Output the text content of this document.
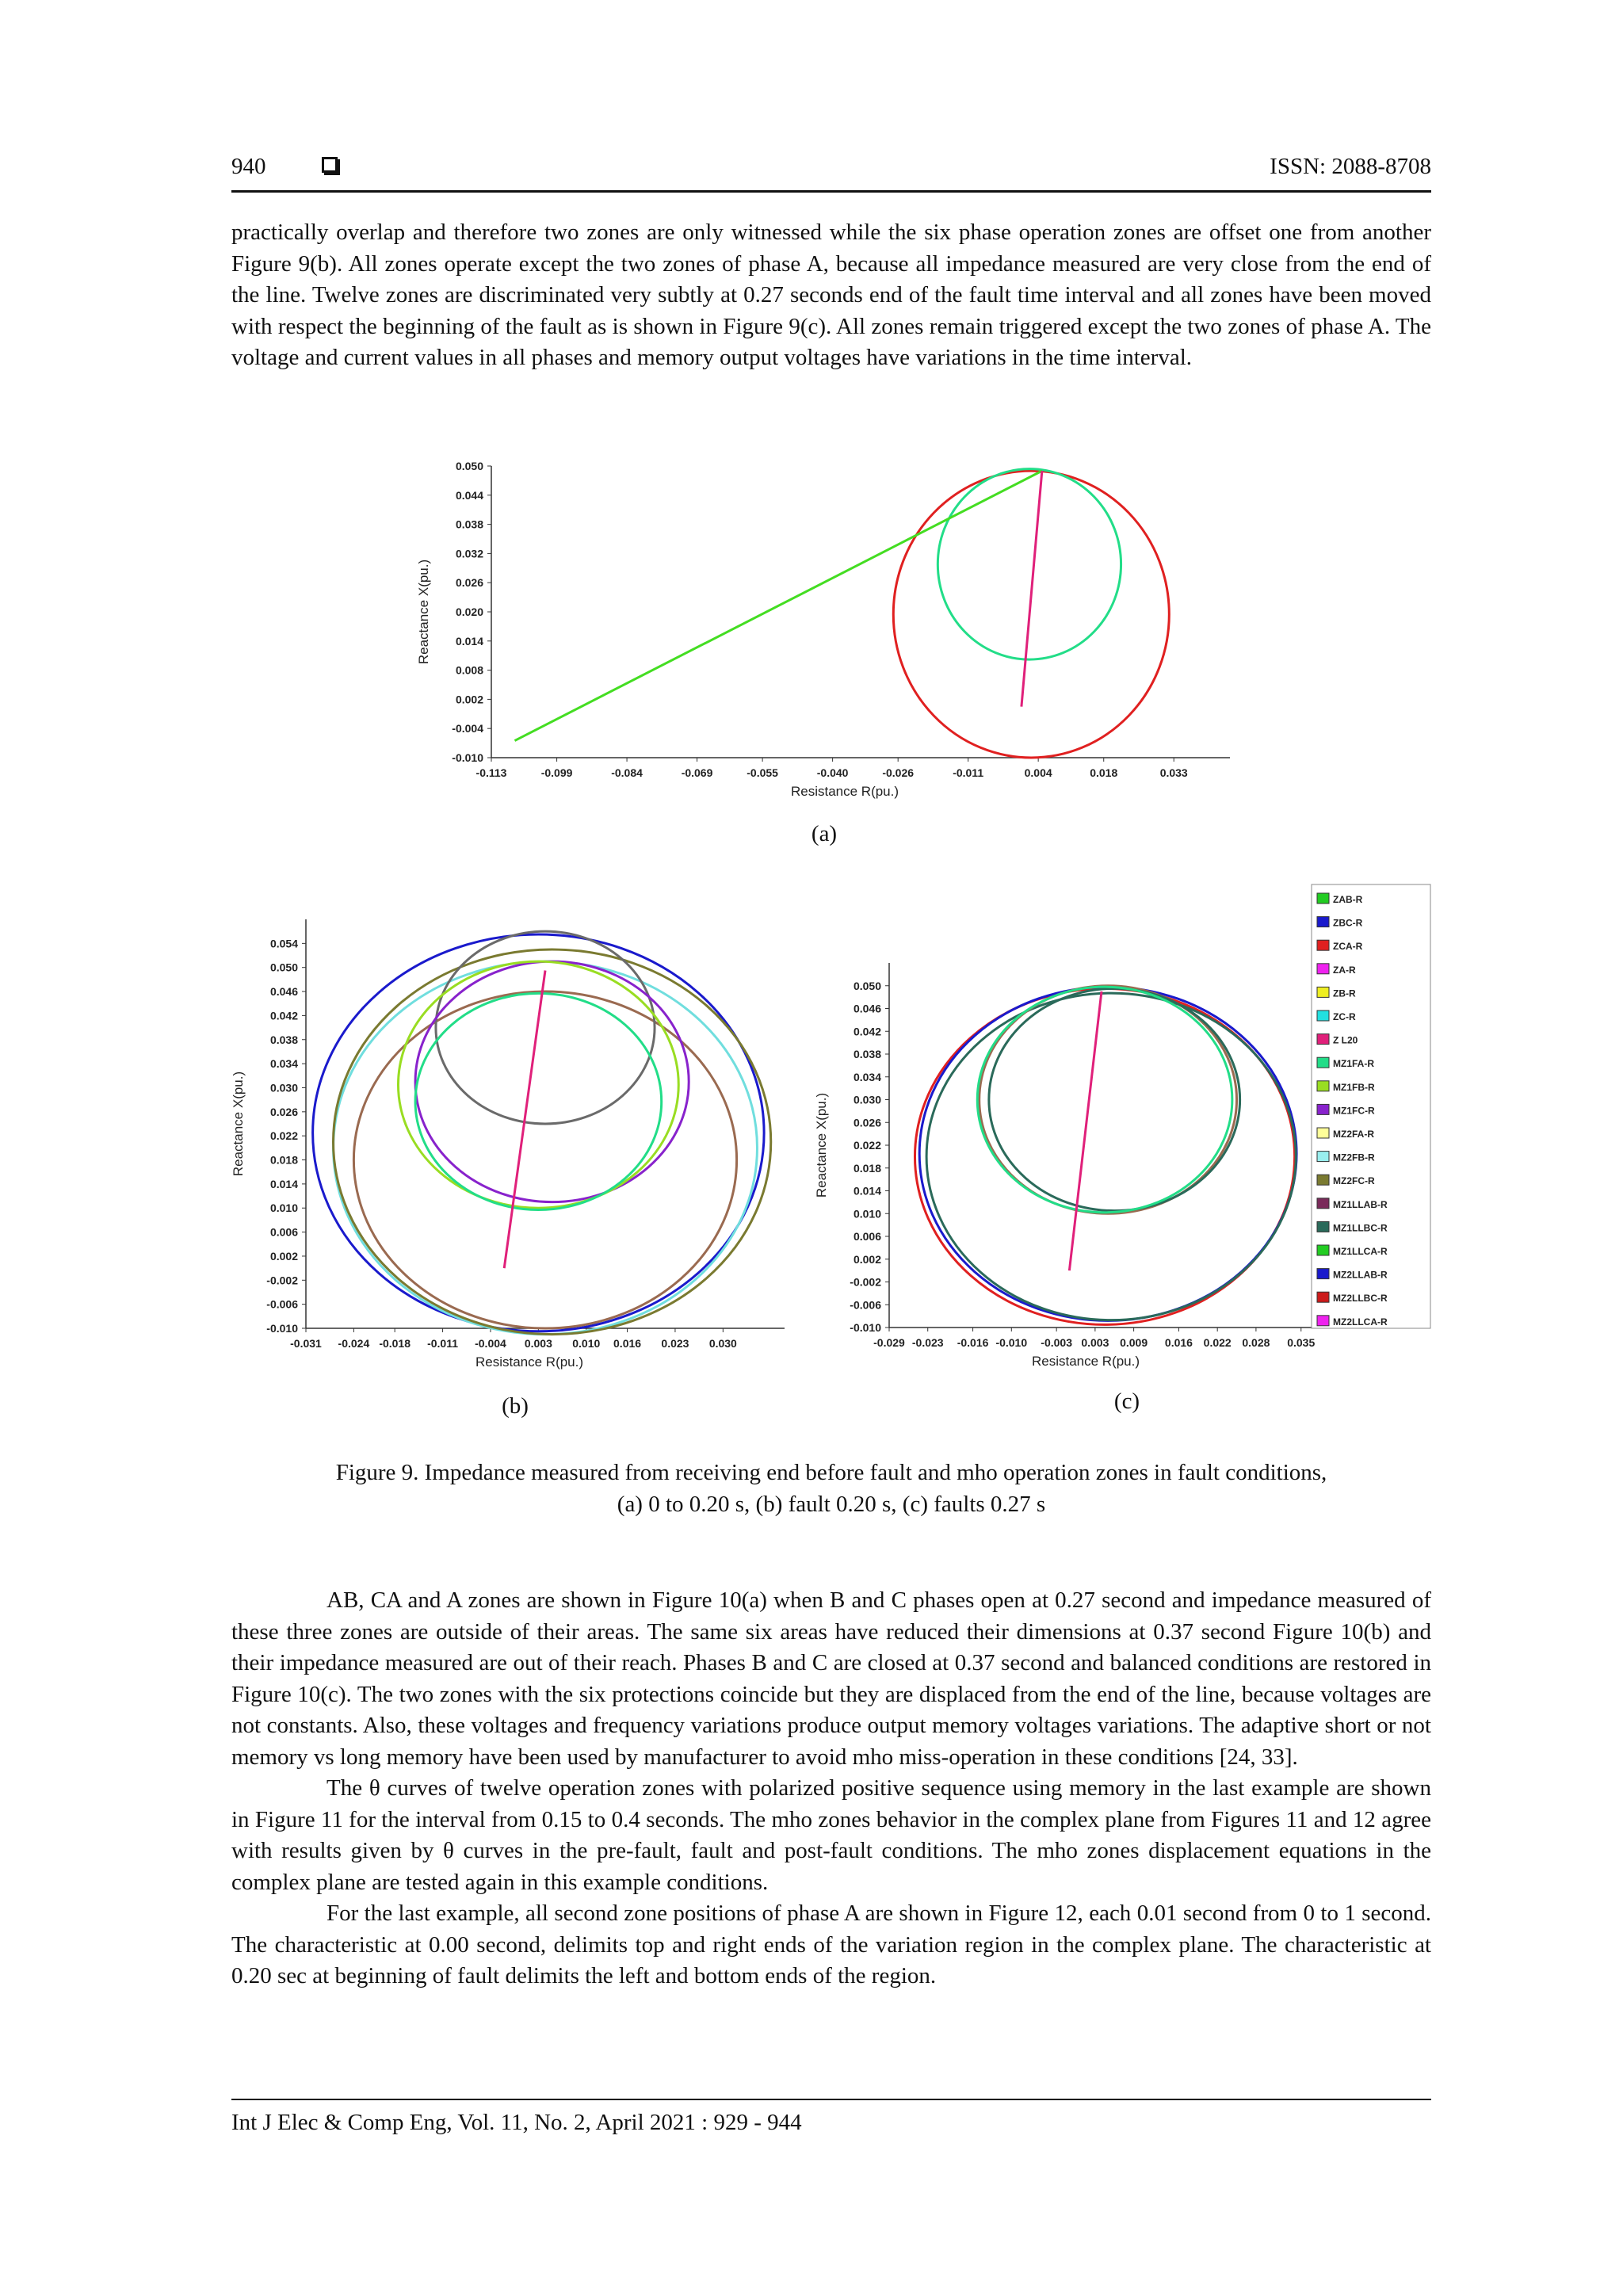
940	ISSN: 2088-8708

practically overlap and therefore two zones are only witnessed while the six phase operation zones are offset one from another Figure 9(b). All zones operate except the two zones of phase A, because all impedance measured are very close from the end of the line. Twelve zones are discriminated very subtly at 0.27 seconds end of the fault time interval and all zones have been moved with respect the beginning of the fault as is shown in Figure 9(c). All zones remain triggered except the two zones of phase A. The voltage and current values in all phases and memory output voltages have variations in the time interval.

0.050
0.044
0.038
0.032
0.026
0.020
0.014
0.008
0.002
-0.004
-0.010
-0.113	-0.099	-0.084	-0.069	-0.055	-0.040	-0.026	-0.011	0.004	0.018	0.033
Resistance R(pu.)
Reactance X(pu.)
(a)
0.054
0.050
0.046
0.042
0.038
0.034
0.030
0.026
0.022
0.018
0.014
0.010
0.006
0.002
-0.002
-0.006
-0.010
-0.031 -0.024 -0.018 -0.011 -0.004 0.003 0.010 0.016 0.023 0.030
Resistance R(pu.)
Reactance X(pu.)
(b)
0.050
0.046
0.042
0.038
0.034
0.030
0.026
0.022
0.018
0.014
0.010
0.006
0.002
-0.002
-0.006
-0.010
-0.029 -0.023 -0.016 -0.010 -0.003 0.003 0.009 0.016 0.022 0.028 0.035
Resistance R(pu.)
Reactance X(pu.)
ZAB-R
ZBC-R
ZCA-R
ZA-R
ZB-R
ZC-R
Z L20
MZ1FA-R
MZ1FB-R
MZ1FC-R
MZ2FA-R
MZ2FB-R
MZ2FC-R
MZ1LLAB-R
MZ1LLBC-R
MZ1LLCA-R
MZ2LLAB-R
MZ2LLBC-R
MZ2LLCA-R
(c)
Figure 9. Impedance measured from receiving end before fault and mho operation zones in fault conditions,
(a) 0 to 0.20 s, (b) fault 0.20 s, (c) faults 0.27 s

AB, CA and A zones are shown in Figure 10(a) when B and C phases open at 0.27 second and impedance measured of these three zones are outside of their areas. The same six areas have reduced their dimensions at 0.37 second Figure 10(b) and their impedance measured are out of their reach. Phases B and C are closed at 0.37 second and balanced conditions are restored in Figure 10(c). The two zones with the six protections coincide but they are displaced from the end of the line, because voltages are not constants. Also, these voltages and frequency variations produce output memory voltages variations. The adaptive short or not memory vs long memory have been used by manufacturer to avoid mho miss-operation in these conditions [24, 33].

The θ curves of twelve operation zones with polarized positive sequence using memory in the last example are shown in Figure 11 for the interval from 0.15 to 0.4 seconds. The mho zones behavior in the complex plane from Figures 11 and 12 agree with results given by θ curves in the pre-fault, fault and post-fault conditions. The mho zones displacement equations in the complex plane are tested again in this example conditions.

For the last example, all second zone positions of phase A are shown in Figure 12, each 0.01 second from 0 to 1 second. The characteristic at 0.00 second, delimits top and right ends of the variation region in the complex plane. The characteristic at 0.20 sec at beginning of fault delimits the left and bottom ends of the region.

Int J Elec & Comp Eng, Vol. 11, No. 2, April 2021 : 929 - 944
